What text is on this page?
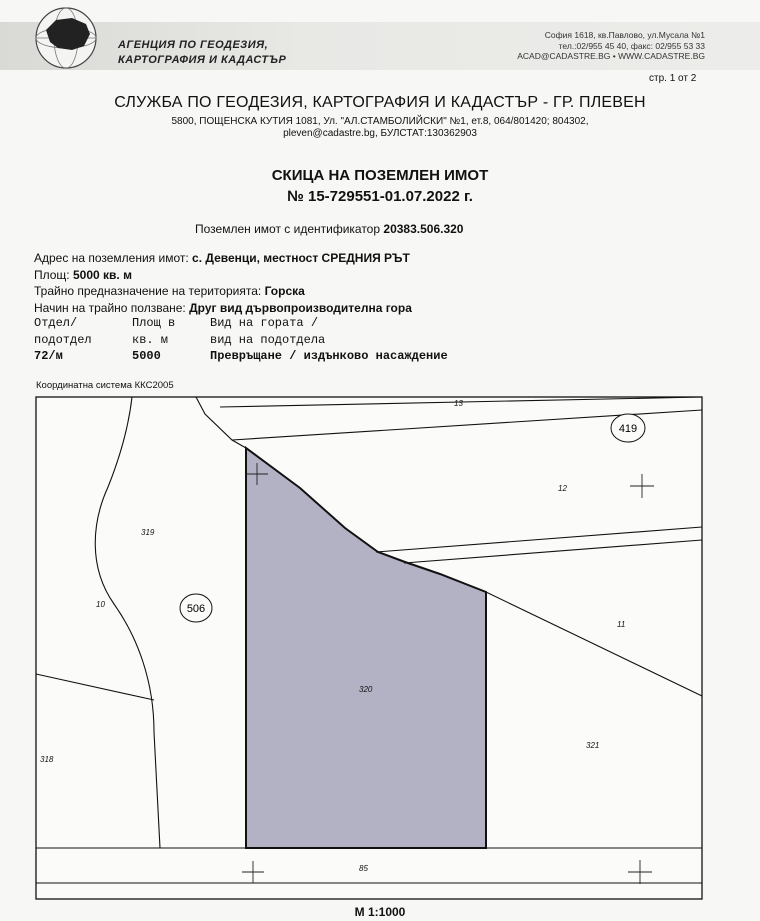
АГЕНЦИЯ ПО ГЕОДЕЗИЯ,
КАРТОГРАФИЯ И КАДАСТЪР
София 1618, кв.Павлово, ул.Мусала №1
тел.:02/955 45 40, факс: 02/955 53 33
ACAD@CADASTRE.BG • WWW.CADASTRE.BG
стр. 1 от 2
СЛУЖБА ПО ГЕОДЕЗИЯ, КАРТОГРАФИЯ И КАДАСТЪР - ГР. ПЛЕВЕН
5800, ПОЩЕНСКА КУТИЯ 1081, Ул. "АЛ.СТАМБОЛИЙСКИ" №1, ет.8, 064/801420; 804302,
pleven@cadastre.bg, БУЛСТАТ:130362903
СКИЦА НА ПОЗЕМЛЕН ИМОТ
№ 15-729551-01.07.2022 г.
Поземлен имот с идентификатор 20383.506.320
Адрес на поземления имот: с. Девенци, местност СРЕДНИЯ РЪТ
Площ: 5000 кв. м
Трайно предназначение на територията: Горска
Начин на трайно ползване: Друг вид дървопроизводителна гора
Отдел/	Площ в	Вид на гората /
подотдел	кв. м	вид на подотдела
72/м	5000	Превръщане / издънково насаждение
Координатна система ККС2005
419
506
13
12
319
10
11
320
321
318
85
М 1:1000
